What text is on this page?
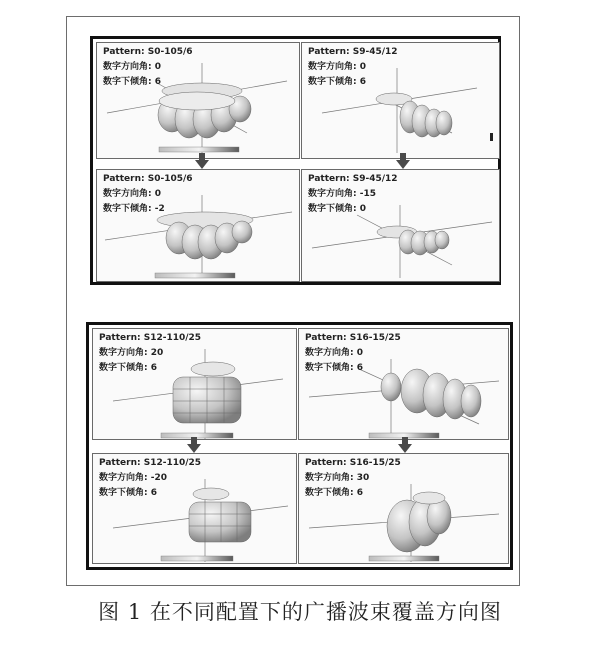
Pattern: S0-105/6
数字方向角: 0
数字下倾角: 6
Pattern: S9-45/12
数字方向角: 0
数字下倾角: 6
Pattern: S0-105/6
数字方向角: 0
数字下倾角: -2
Pattern: S9-45/12
数字方向角: -15
数字下倾角: 0
Pattern: S12-110/25
数字方向角: 20
数字下倾角: 6
Pattern: S16-15/25
数字方向角: 0
数字下倾角: 6
Pattern: S12-110/25
数字方向角: -20
数字下倾角: 6
Pattern: S16-15/25
数字方向角: 30
数字下倾角: 6
图 1 在不同配置下的广播波束覆盖方向图
